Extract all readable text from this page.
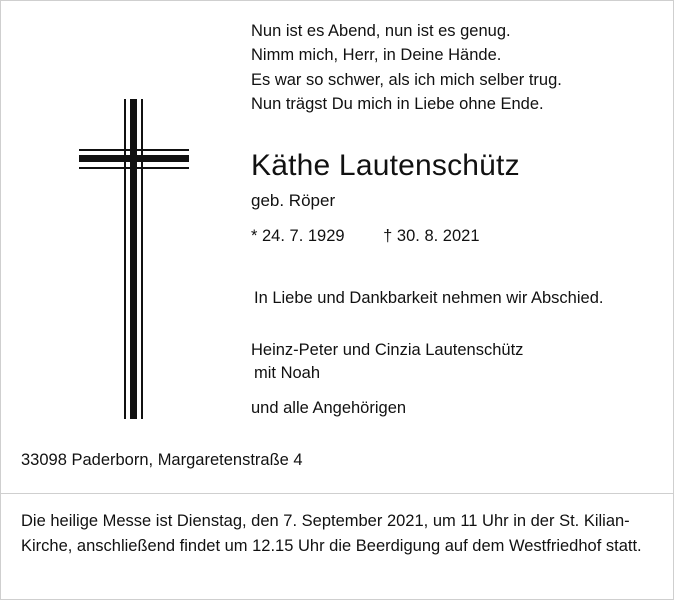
Nun ist es Abend, nun ist es genug.
Nimm mich, Herr, in Deine Hände.
Es war so schwer, als ich mich selber trug.
Nun trägst Du mich in Liebe ohne Ende.
Käthe Lautenschütz
geb. Röper
* 24. 7. 1929 † 30. 8. 2021
In Liebe und Dankbarkeit nehmen wir Abschied.
Heinz-Peter und Cinzia Lautenschütz
mit Noah
und alle Angehörigen
33098 Paderborn, Margaretenstraße 4
Die heilige Messe ist Dienstag, den 7. September 2021, um 11 Uhr in der St. Kilian-Kirche, anschließend findet um 12.15 Uhr die Beerdigung auf dem Westfriedhof statt.
